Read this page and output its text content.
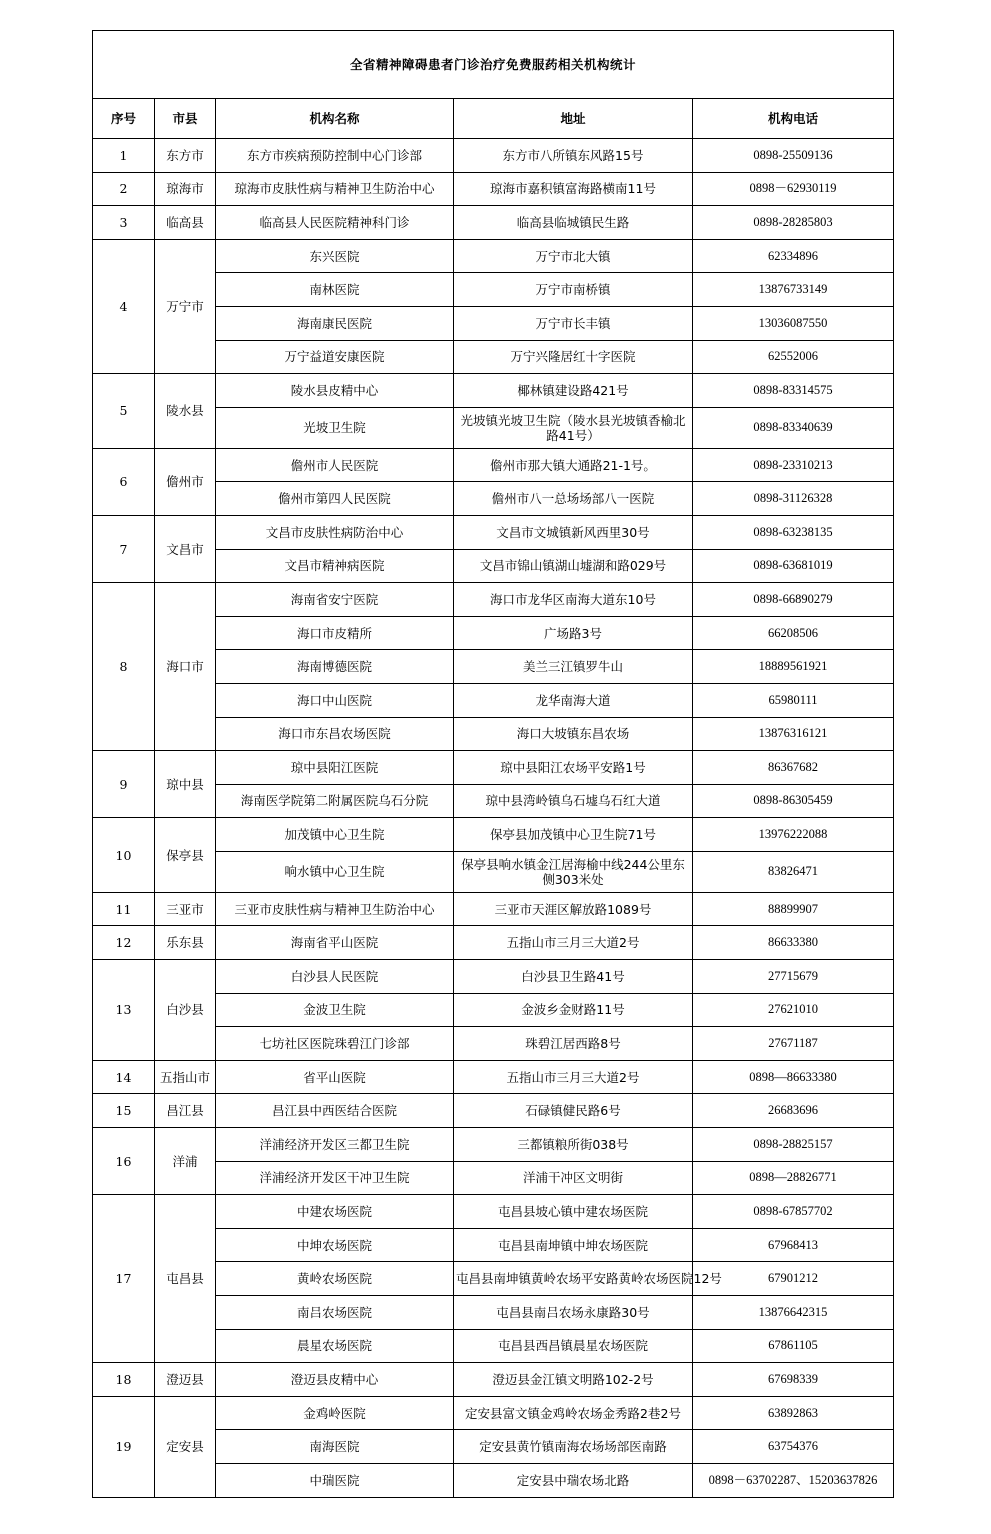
全省精神障碍患者门诊治疗免费服药相关机构统计				
序号	市县	机构名称	地址	机构电话
1	东方市	东方市疾病预防控制中心门诊部	东方市八所镇东风路15号	0898-25509136
2	琼海市	琼海市皮肤性病与精神卫生防治中心	琼海市嘉积镇富海路横南11号	0898－62930119
3	临高县	临高县人民医院精神科门诊	临高县临城镇民生路	0898-28285803
4	万宁市	东兴医院	万宁市北大镇	62334896
		南林医院	万宁市南桥镇	13876733149
		海南康民医院	万宁市长丰镇	13036087550
		万宁益道安康医院	万宁兴隆居红十字医院	62552006
5	陵水县	陵水县皮精中心	椰林镇建设路421号	0898-83314575
		光坡卫生院	光坡镇光坡卫生院（陵水县光坡镇香榆北路41号）	0898-83340639
6	儋州市	儋州市人民医院	儋州市那大镇大通路21-1号。	0898-23310213
		儋州市第四人民医院	儋州市八一总场场部八一医院	0898-31126328
7	文昌市	文昌市皮肤性病防治中心	文昌市文城镇新风西里30号	0898-63238135
		文昌市精神病医院	文昌市锦山镇湖山墟湖和路029号	0898-63681019
8	海口市	海南省安宁医院	海口市龙华区南海大道东10号	0898-66890279
		海口市皮精所	广场路3号	66208506
		海南博德医院	美兰三江镇罗牛山	18889561921
		海口中山医院	龙华南海大道	65980111
		海口市东昌农场医院	海口大坡镇东昌农场	13876316121
9	琼中县	琼中县阳江医院	琼中县阳江农场平安路1号	86367682
		海南医学院第二附属医院乌石分院	琼中县湾岭镇乌石墟乌石红大道	0898-86305459
10	保亭县	加茂镇中心卫生院	保亭县加茂镇中心卫生院71号	13976222088
		响水镇中心卫生院	保亭县响水镇金江居海榆中线244公里东侧303米处	83826471
11	三亚市	三亚市皮肤性病与精神卫生防治中心	三亚市天涯区解放路1089号	88899907
12	乐东县	海南省平山医院	五指山市三月三大道2号	86633380
13	白沙县	白沙县人民医院	白沙县卫生路41号	27715679
		金波卫生院	金波乡金财路11号	27621010
		七坊社区医院珠碧江门诊部	珠碧江居西路8号	27671187
14	五指山市	省平山医院	五指山市三月三大道2号	0898—86633380
15	昌江县	昌江县中西医结合医院	石碌镇健民路6号	26683696
16	洋浦	洋浦经济开发区三都卫生院	三都镇粮所街038号	0898-28825157
		洋浦经济开发区干冲卫生院	洋浦干冲区文明街	0898—28826771
17	屯昌县	中建农场医院	屯昌县坡心镇中建农场医院	0898-67857702
		中坤农场医院	屯昌县南坤镇中坤农场医院	67968413
		黄岭农场医院	屯昌县南坤镇黄岭农场平安路黄岭农场医院12号	67901212
		南吕农场医院	屯昌县南吕农场永康路30号	13876642315
		晨星农场医院	屯昌县西昌镇晨星农场医院	67861105
18	澄迈县	澄迈县皮精中心	澄迈县金江镇文明路102-2号	67698339
19	定安县	金鸡岭医院	定安县富文镇金鸡岭农场金秀路2巷2号	63892863
		南海医院	定安县黄竹镇南海农场场部医南路	63754376
		中瑞医院	定安县中瑞农场北路	0898－63702287、15203637826
